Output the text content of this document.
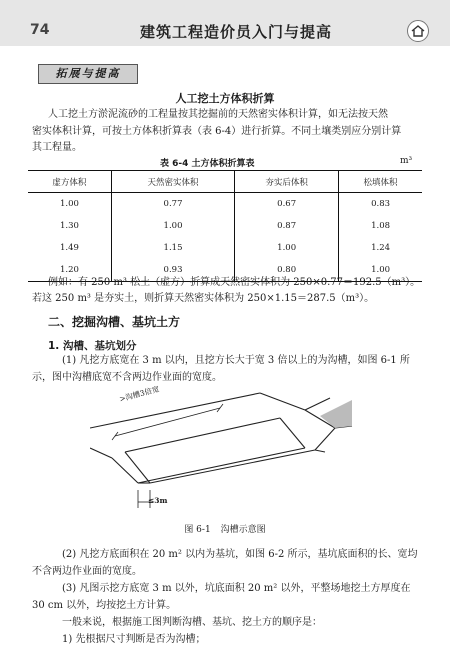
74	建筑工程造价员入门与提高
拓展与提高
人工挖土方体积折算
人工挖土方淤泥流砂的工程量按其挖掘前的天然密实体积计算，如无法按天然
密实体积计算，可按土方体积折算表（表 6-4）进行折算。不同土壤类别应分别计算
其工程量。
表 6-4 土方体积折算表	m³
虚方体积	天然密实体积	夯实后体积	松填体积
1.00	0.77	0.67	0.83
1.30	1.00	0.87	1.08
1.49	1.15	1.00	1.24
1.20	0.93	0.80	1.00
例如：有 250 m³ 松土（虚方）折算成天然密实体积为 250×0.77＝192.5（m³）。
若这 250 m³ 是夯实土，则折算天然密实体积为 250×1.15＝287.5（m³）。
二、挖掘沟槽、基坑土方
1. 沟槽、基坑划分
(1) 凡挖方底宽在 3 m 以内，且挖方长大于宽 3 倍以上的为沟槽，如图 6-1 所
示，图中沟槽底宽不含两边作业面的宽度。
>沟槽3倍宽
≤3m
图 6-1 沟槽示意图
(2) 凡挖方底面积在 20 m² 以内为基坑，如图 6-2 所示，基坑底面积的长、宽均
不含两边作业面的宽度。
(3) 凡图示挖方底宽 3 m 以外，坑底面积 20 m² 以外，平整场地挖土方厚度在
30 cm 以外，均按挖土方计算。
一般来说，根据施工图判断沟槽、基坑、挖土方的顺序是：
1) 先根据尺寸判断是否为沟槽；
